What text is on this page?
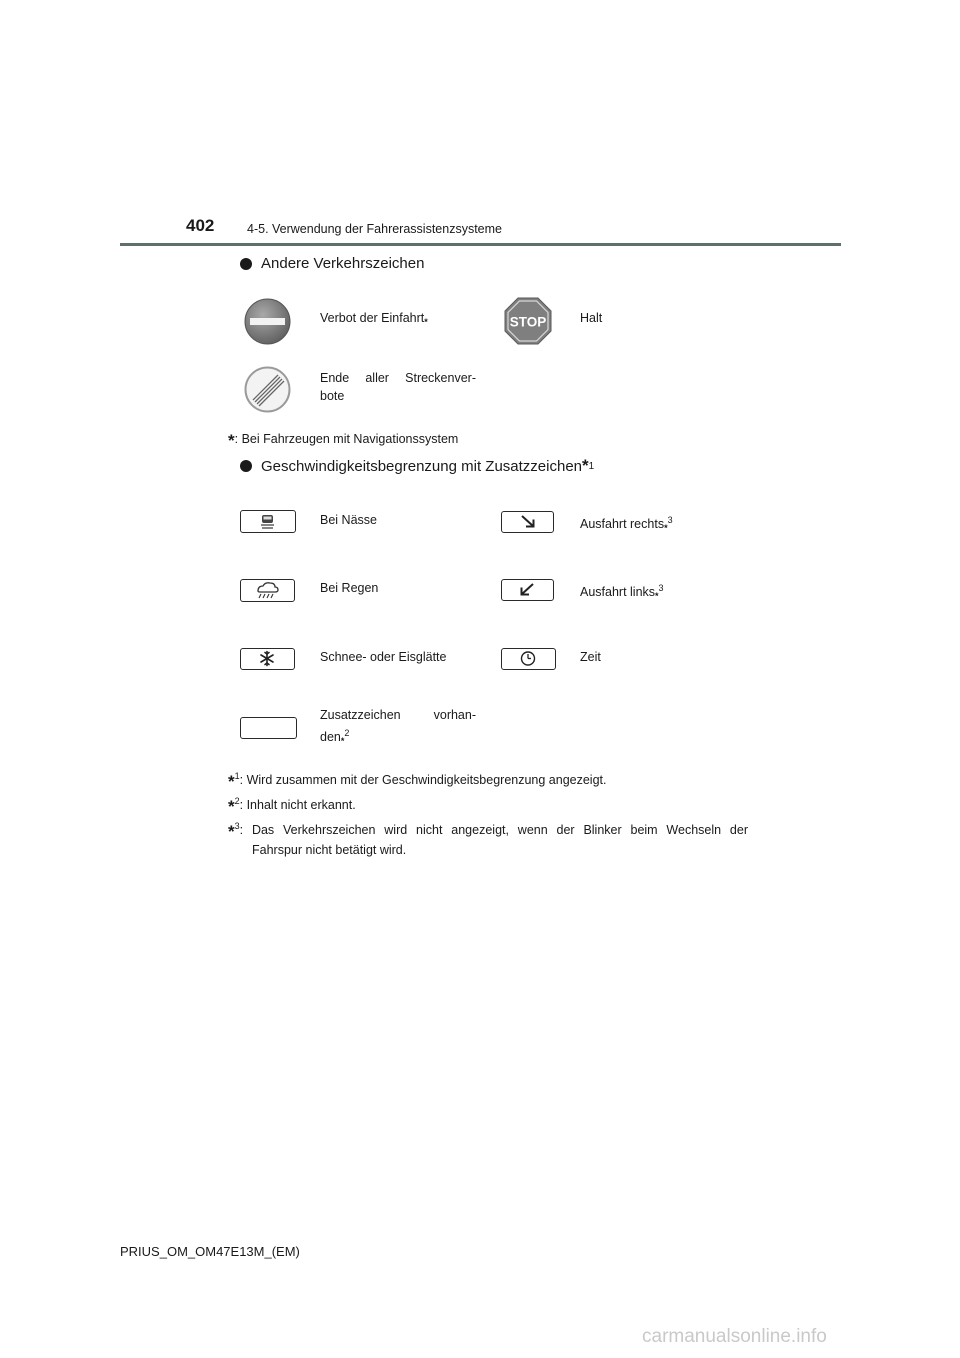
402	4-5. Verwendung der Fahrerassistenzsysteme
Andere Verkehrszeichen
Verbot der Einfahrt*	STOP	Halt
Ende aller Streckenver-
bote
*: Bei Fahrzeugen mit Navigationssystem
Geschwindigkeitsbegrenzung mit Zusatzzeichen * 1
Bei Nässe	Ausfahrt rechts$^{*3}$
Bei Regen	Ausfahrt links$^{*3}$
Schnee- oder Eisglätte	Zeit
Zusatzzeichen vorhan-
den$^{*2}$
*$^1$: Wird zusammen mit der Geschwindigkeitsbegrenzung angezeigt.
*$^2$: Inhalt nicht erkannt.
*$^3$: Das Verkehrszeichen wird nicht angezeigt, wenn der Blinker beim Wechseln der
Fahrspur nicht betätigt wird.
PRIUS_OM_OM47E13M_(EM)
carmanualsonline.info
